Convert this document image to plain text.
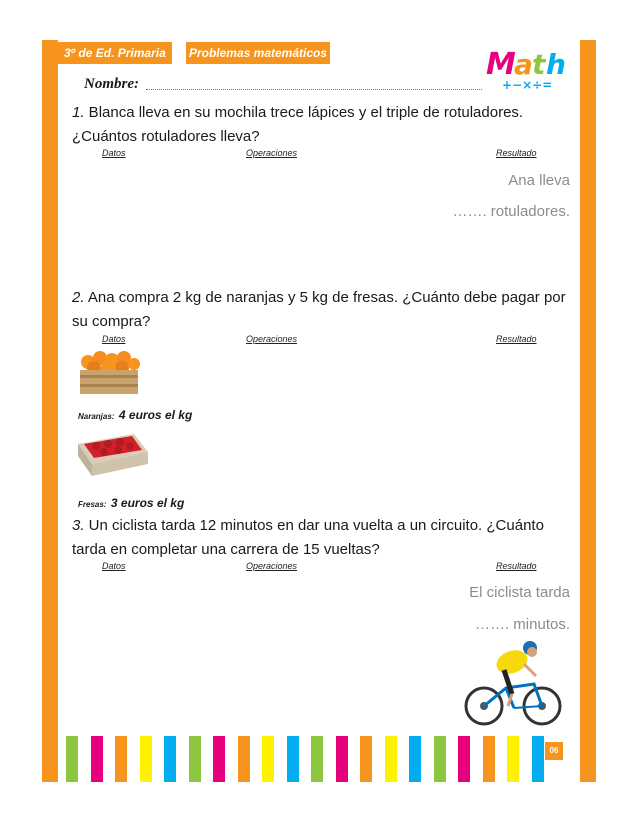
3º de Ed. Primaria	Problemas matemáticos	M
a t h
+−×÷=
Nombre:
1. Blanca lleva en su mochila trece lápices y el triple de rotuladores.
¿Cuántos rotuladores lleva?
Datos	Operaciones	Resultado
Ana lleva
……. rotuladores.
2. Ana compra 2 kg de naranjas y 5 kg de fresas. ¿Cuánto debe pagar por
su compra?
Datos	Operaciones	Resultado
Naranjas: 4 euros el kg
Fresas: 3 euros el kg
3. Un ciclista tarda 12 minutos en dar una vuelta a un circuito. ¿Cuánto
tarda en completar una carrera de 15 vueltas?
Datos	Operaciones	Resultado
El ciclista tarda
……. minutos.
06
